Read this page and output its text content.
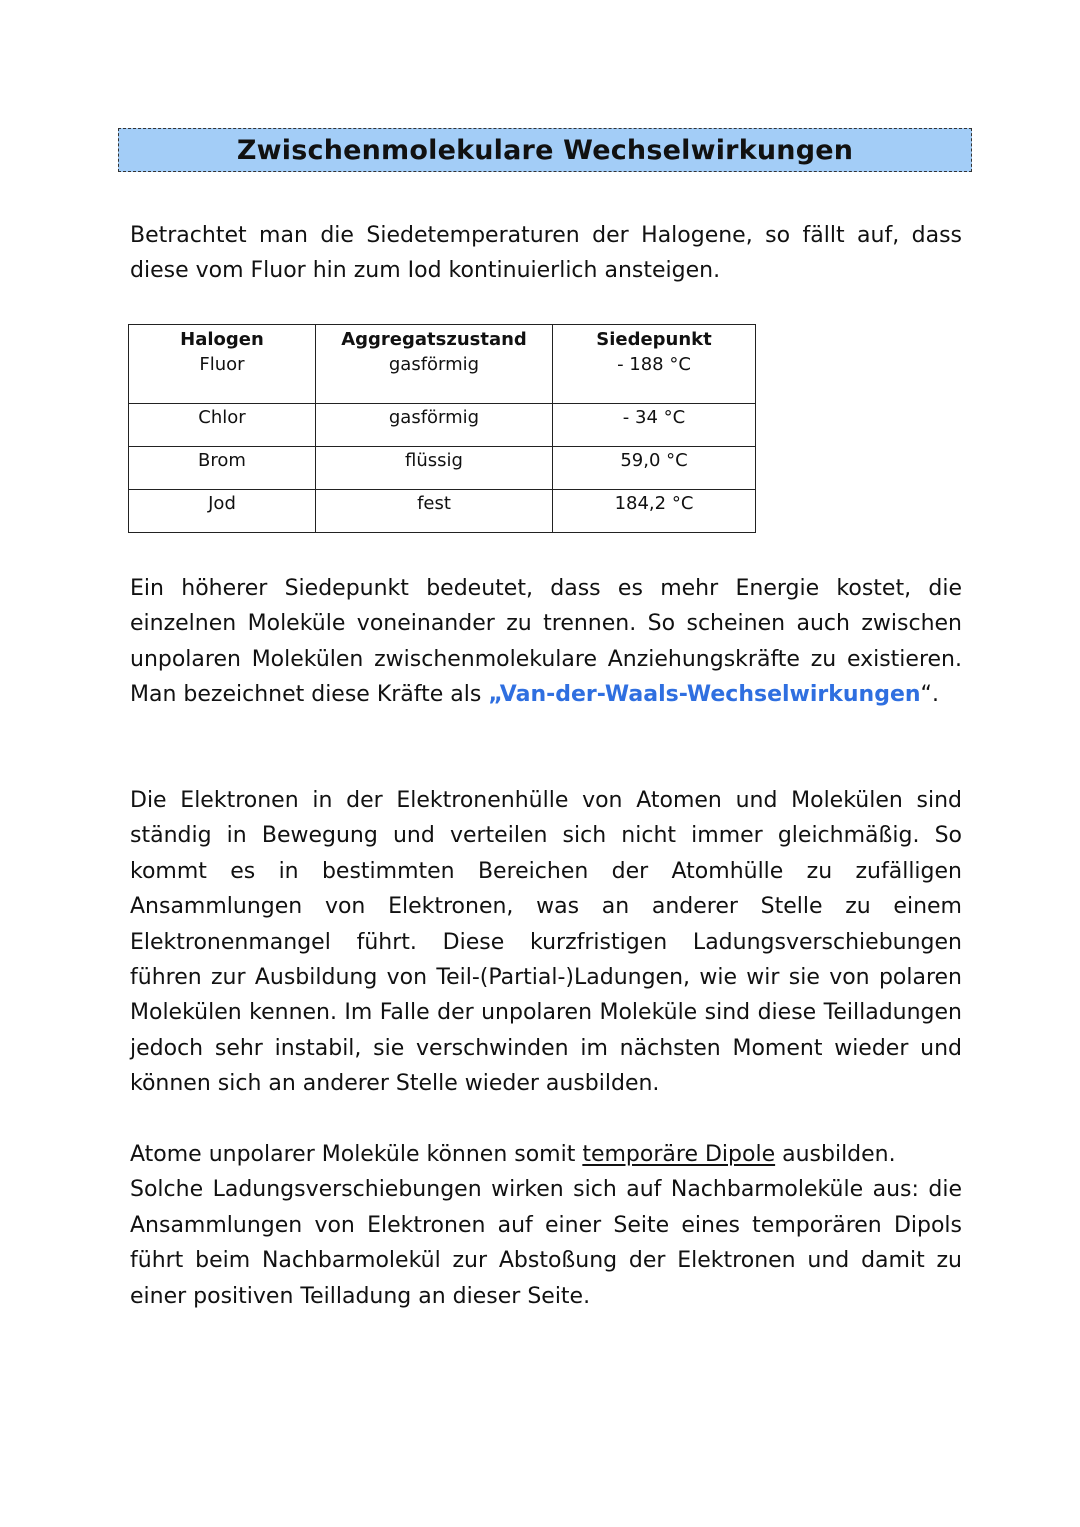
Zwischenmolekulare Wechselwirkungen

Betrachtet man die Siedetemperaturen der Halogene, so fällt auf, dass diese vom Fluor hin zum Iod kontinuierlich ansteigen.

Halogen	Aggregatszustand	Siedepunkt
Fluor	gasförmig	- 188 °C
Chlor	gasförmig	- 34 °C
Brom	flüssig	59,0 °C
Jod	fest	184,2 °C

Ein höherer Siedepunkt bedeutet, dass es mehr Energie kostet, die einzelnen Moleküle voneinander zu trennen. So scheinen auch zwischen unpolaren Molekülen zwischenmolekulare Anziehungskräfte zu existieren. Man bezeichnet diese Kräfte als „Van-der-Waals-Wechselwirkungen“.

Die Elektronen in der Elektronenhülle von Atomen und Molekülen sind ständig in Bewegung und verteilen sich nicht immer gleichmäßig. So kommt es in bestimmten Bereichen der Atomhülle zu zufälligen Ansammlungen von Elektronen, was an anderer Stelle zu einem Elektronenmangel führt. Diese kurzfristigen Ladungsverschiebungen führen zur Ausbildung von Teil-(Partial-)Ladungen, wie wir sie von polaren Molekülen kennen. Im Falle der unpolaren Moleküle sind diese Teilladungen jedoch sehr instabil, sie verschwinden im nächsten Moment wieder und können sich an anderer Stelle wieder ausbilden.

Atome unpolarer Moleküle können somit temporäre Dipole ausbilden.
Solche Ladungsverschiebungen wirken sich auf Nachbarmoleküle aus: die Ansammlungen von Elektronen auf einer Seite eines temporären Dipols führt beim Nachbarmolekül zur Abstoßung der Elektronen und damit zu einer positiven Teilladung an dieser Seite.
